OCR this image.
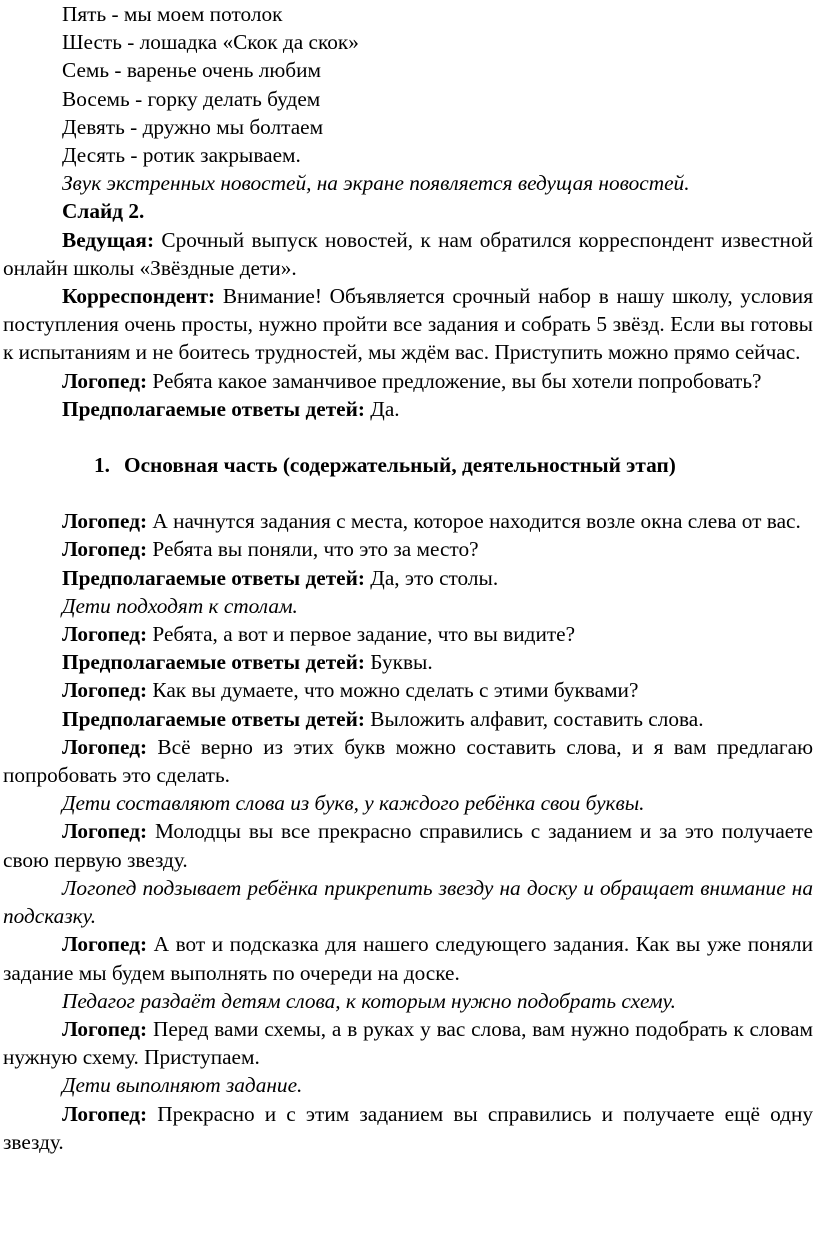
Пять - мы моем потолок

Шесть - лошадка «Скок да скок»

Семь - варенье очень любим

Восемь - горку делать будем

Девять - дружно мы болтаем

Десять - ротик закрываем.

Звук экстренных новостей, на экране появляется ведущая новостей.

Слайд 2.

Ведущая: Срочный выпуск новостей, к нам обратился корреспондент известной онлайн школы «Звёздные дети».

Корреспондент: Внимание! Объявляется срочный набор в нашу школу, условия поступления очень просты, нужно пройти все задания и собрать 5 звёзд. Если вы готовы к испытаниям и не боитесь трудностей, мы ждём вас. Приступить можно прямо сейчас.

Логопед: Ребята какое заманчивое предложение, вы бы хотели попробовать?

Предполагаемые ответы детей: Да.

1. Основная часть (содержательный, деятельностный этап)

Логопед: А начнутся задания с места, которое находится возле окна слева от вас.

Логопед: Ребята вы поняли, что это за место?

Предполагаемые ответы детей: Да, это столы.

Дети подходят к столам.

Логопед: Ребята, а вот и первое задание, что вы видите?

Предполагаемые ответы детей: Буквы.

Логопед: Как вы думаете, что можно сделать с этими буквами?

Предполагаемые ответы детей: Выложить алфавит, составить слова.

Логопед: Всё верно из этих букв можно составить слова, и я вам предлагаю попробовать это сделать.

Дети составляют слова из букв, у каждого ребёнка свои буквы.

Логопед: Молодцы вы все прекрасно справились с заданием и за это получаете свою первую звезду.

Логопед подзывает ребёнка прикрепить звезду на доску и обращает внимание на подсказку.

Логопед: А вот и подсказка для нашего следующего задания. Как вы уже поняли задание мы будем выполнять по очереди на доске.

Педагог раздаёт детям слова, к которым нужно подобрать схему.

Логопед: Перед вами схемы, а в руках у вас слова, вам нужно подобрать к словам нужную схему. Приступаем.

Дети выполняют задание.

Логопед: Прекрасно и с этим заданием вы справились и получаете ещё одну звезду.
